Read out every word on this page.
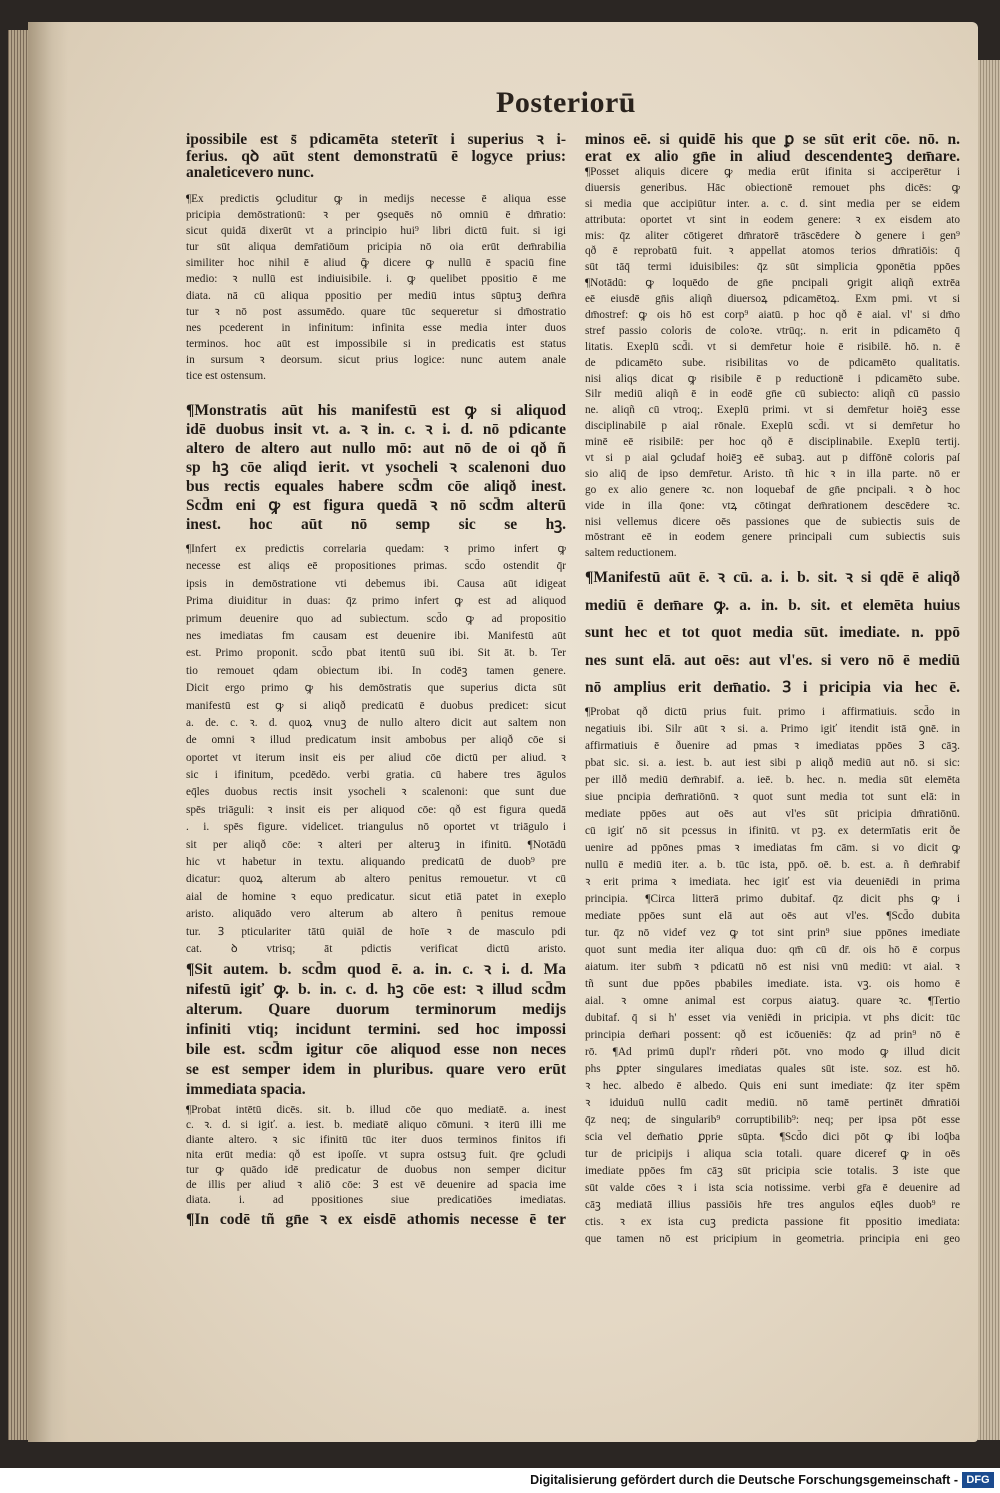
Posteriorū
ipossibile est s̄ pdicamēta steterīt i superius ꝛ i-
ferius. qꝺ aūt stent demonstratū ē logyce prius:
analeticevero nunc.
¶Ex predictis ꝯcluditur ꝙ in medijs necesse ē aliqua esse
pricipia demōstrationū: ꝛ per ꝯsequēs nō omniū ē dm̄ratio:
sicut quidā dixerūt vt a principio hui⁹ libri dictū fuit. si igi
tur sūt aliqua demr̄atiōum pricipia nō oia erūt dem̄rabilia
similiter hoc nihil ē aliud ꝙ̄ dicere ꝙ nullū ē spaciū fine
medio: ꝛ nullū est indiuisibile. i. ꝙ quelibet ppositio ē me
diata. nā cū aliqua ppositio per mediū intus sūptuꝫ dem̄ra
tur ꝛ nō post assumēdo. quare tūc sequeretur si dm̄ostratio
nes pcederent in infinitum: infinita esse media inter duos
terminos. hoc aūt est impossibile si in predicatis est status
in sursum ꝛ deorsum. sicut prius logice: nunc autem anale
tice est ostensum.
¶Monstratis aūt his manifestū est ꝙ si aliquod
idē duobus insit vt. a. ꝛ in. c. ꝛ i. d. nō pdicante
altero de altero aut nullo mō: aut nō de oi qð ñ
sp hꝫ cōe aliqd ierit. vt ysocheli ꝛ scalenoni duo
bus rectis equales habere scd̄m cōe aliqð inest.
Scd̄m eni ꝙ est figura quedā ꝛ nō scd̄m alterū
inest. hoc aūt nō semp sic se hꝫ.
¶Infert ex predictis correlaria quedam: ꝛ primo infert ꝙ
necesse est aliqs eē propositiones primas. scd̄o ostendit q̄r
ipsis in demōstratione vti debemus ibi. Causa aūt idigeat
Prima diuiditur in duas: q̄z primo infert ꝙ est ad aliquod
primum deuenire quo ad subiectum. scd̄o ꝙ ad propositio
nes imediatas fm causam est deuenire ibi. Manifestū aūt
est. Primo proponit. scd̄o pbat itentū suū ibi. Sit āt. b. Ter
tio remouet qdam obiectum ibi. In codēꝫ tamen genere.
Dicit ergo primo ꝙ his demōstratis que superius dicta sūt
manifestū est ꝙ si aliqð predicatū ē duobus predicet: sicut
a. de. c. ꝛ. d. quoꝝ vnuꝫ de nullo altero dicit aut saltem non
de omni ꝛ illud predicatum insit ambobus per aliqð cōe si
oportet vt iterum insit eis per aliud cōe dictū per aliud. ꝛ
sic i ifinitum, pcedēdo. verbi gratia. cū habere tres āgulos
eq̄les duobus rectis insit ysocheli ꝛ scalenoni: que sunt due
spēs triāguli: ꝛ insit eis per aliquod cōe: qð est figura quedā
. i. spēs figure. videlicet. triangulus nō oportet vt triāgulo i
sit per aliqð cōe: ꝛ alteri per alteruꝫ in ifinitū. ¶Notādū
hic vt habetur in textu. aliquando predicatū de duob⁹ pre
dicatur: quoꝝ alterum ab altero penitus remouetur. vt cū
aial de homine ꝛ equo predicatur. sicut etiā patet in exeplo
aristo. aliquādo vero alterum ab altero ñ penitus remoue
tur. Ꝫ pticulariter tātū quiāl de hoīe ꝛ de masculo pdi
cat. ꝺ vtrisq; āt pdictis verificat dictū aristo.
¶Sit autem. b. scd̄m quod ē. a. in. c. ꝛ i. d. Ma
nifestū igiť ꝙ. b. in. c. d. hꝫ cōe est: ꝛ illud scd̄m
alterum. Quare duorum terminorum medijs
infiniti vtiq; incidunt termini. sed hoc impossi
bile est. scd̄m igitur cōe aliquod esse non neces
se est semper idem in pluribus. quare vero erūt
immediata spacia.
¶Probat intētū dicēs. sit. b. illud cōe quo mediatē. a. inest
c. ꝛ. d. si igiť. a. iest. b. mediatē aliquo cōmuni. ꝛ iterū illi me
diante altero. ꝛ sic ifinitū tūc iter duos terminos finitos ifi
nita erūt media: qð est ipoſſe. vt supra ostsuꝫ fuit. q̄re ꝯcludi
tur ꝙ quādo idē predicatur de duobus non semper dicitur
de illis per aliud ꝛ aliō cōe: Ꝫ est vē deuenire ad spacia ime
diata. i. ad ppositiones siue predicatiōes imediatas.
¶In codē tñ gn̄e ꝛ ex eisdē athomis necesse ē ter
minos eē. si quidē his que ꝑ se sūt erit cōe. nō. n.
erat ex alio gn̄e in aliud descendenteꝫ dem̄are.
¶Posset aliquis dicere ꝙ media erūt ifinita si acciperētur i
diuersis generibus. Hāc obiectionē remouet phs dicēs: ꝙ
si media que accipiūtur inter. a. c. d. sint media per se eidem
attributa: oportet vt sint in eodem genere: ꝛ ex eisdem ato
mis: q̄z aliter cōtigeret dm̄ratorē trāscēdere ꝺ genere i gen⁹
qð ē reprobatū fuit. ꝛ appellat atomos terios dm̄ratiōis: q̄
sūt tāq̄ termi iduisibiles: q̄z sūt simplicia ꝯponētia ppōes
¶Notādū: ꝙ loquēdo de gn̄e pncipali ꝯrigit aliqñ extrēa
eē eiusdē gn̄is aliqñ diuersoꝝ pdicamētoꝝ. Exm pmi. vt si
dm̄ostref: ꝙ ois hō est corp⁹ aiatū. p hoc qð ē aial. vl' si dm̄o
stref passio coloris de coloꝛe. vtrūq;. n. erit in pdicamēto q̄
litatis. Exeplū scd̄i. vt si demr̄etur hoie ē risibilē. hō. n. ē
de pdicamēto sube. risibilitas vo de pdicamēto qualitatis.
nisi aliqs dicat ꝙ risibile ē p reductionē i pdicamēto sube.
Silr mediū aliqñ ē in eodē gn̄e cū subiecto: aliqñ cū passio
ne. aliqñ cū vtroq;. Exeplū primi. vt si demr̄etur hoiēꝫ esse
disciplinabilē p aial rōnale. Exeplū scd̄i. vt si demr̄etur ho
minē eē risibilē: per hoc qð ē disciplinabile. Exeplū tertij.
vt si p aial ꝯcludaf hoiēꝫ eē subaꝫ. aut p diffōnē coloris paſ
sio aliq̄ de ipso demr̄etur. Aristo. tñ hic ꝛ in illa parte. nō er
go ex alio genere ꝛc. non loquebaf de gn̄e pncipali. ꝛ ꝺ hoc
vide in illa q̄one: vtꝝ cōtingat dem̄rationem descēdere ꝛc.
nisi vellemus dicere oēs passiones que de subiectis suis de
mōstrant eē in eodem genere principali cum subiectis suis
saltem reductionem.
¶Manifestū aūt ē. ꝛ cū. a. i. b. sit. ꝛ si qdē ē aliqð
mediū ē dem̄are ꝙ. a. in. b. sit. et elemēta huius
sunt hec et tot quot media sūt. imediate. n. ppō
nes sunt elā. aut oēs: aut vl'es. si vero nō ē mediū
nō amplius erit dem̄atio. Ꝫ i pricipia via hec ē.
¶Probat qð dictū prius fuit. primo i affirmatiuis. scd̄o in
negatiuis ibi. Silr aūt ꝛ si. a. Primo igiť itendit istā ꝯnē. in
affirmatiuis ē ðuenire ad pmas ꝛ imediatas ppōes Ꝫ cāꝫ.
pbat sic. si. a. iest. b. aut iest sibi p aliqð mediū aut nō. si sic:
per illð mediū dem̄rabif. a. ieē. b. hec. n. media sūt elemēta
siue pncipia dem̄ratiōnū. ꝛ quot sunt media tot sunt elā: in
mediate ppōes aut oēs aut vl'es sūt pricipia dm̄ratiōnū.
cū igiť nō sit pcessus in ifinitū. vt pꝫ. ex determīatis erit ðe
uenire ad ppōnes pmas ꝛ imediatas fm cām. si vo dicit ꝙ
nullū ē mediū iter. a. b. tūc ista, ppō. oē. b. est. a. ñ dem̄rabif
ꝛ erit prima ꝛ imediata. hec igiť est via deueniēdi in prima
principia. ¶Circa litterā primo dubitaf. q̄z dicit phs ꝙ i
mediate ppōes sunt elā aut oēs aut vl'es. ¶Scd̄o dubita
tur. q̄z nō videf vez ꝙ tot sint prin⁹ siue ppōnes imediate
quot sunt media iter aliqua duo: qm̄ cū dr̄. ois hō ē corpus
aiatum. iter subm̄ ꝛ pdicatū nō est nisi vnū mediū: vt aial. ꝛ
tñ sunt due ppōes pbabiles imediate. ista. vꝫ. ois homo ē
aial. ꝛ omne animal est corpus aiatuꝫ. quare ꝛc. ¶Tertio
dubitaf. q̄ si h' esset via veniēdi in pricipia. vt phs dicit: tūc
principia dem̄ari possent: qð est icōueniēs: q̄z ad prin⁹ nō ē
rō. ¶Ad primū dupl'r rñderi pōt. vno modo ꝙ illud dicit
phs ꝑpter singulares imediatas quales sūt iste. soz. est hō.
ꝛ hec. albedo ē albedo. Quis eni sunt imediate: q̄z iter spēm
ꝛ iduiduū nullū cadit mediū. nō tamē pertinēt dm̄ratiōi
q̄z neq; de singularib⁹ corruptibilib⁹: neq; per ipsa pōt esse
scia vel dem̄atio ꝑprie sūpta. ¶Scd̄o dici pōt ꝙ ibi loq̄ba
tur de pricipijs i aliqua scia totali. quare diceref ꝙ in oēs
imediate ppōes fm cāꝫ sūt pricipia scie totalis. Ꝫ iste que
sūt valde cōes ꝛ i ista scia notissime. verbi gr̄a ē deuenire ad
cāꝫ mediatā illius passiōis hr̄e tres angulos eq̄les duob⁹ re
ctis. ꝛ ex ista cuꝫ predicta passione fit ppositio imediata:
que tamen nō est pricipium in geometria. principia eni geo
Digitalisierung gefördert durch die Deutsche Forschungsgemeinschaft - DFG
